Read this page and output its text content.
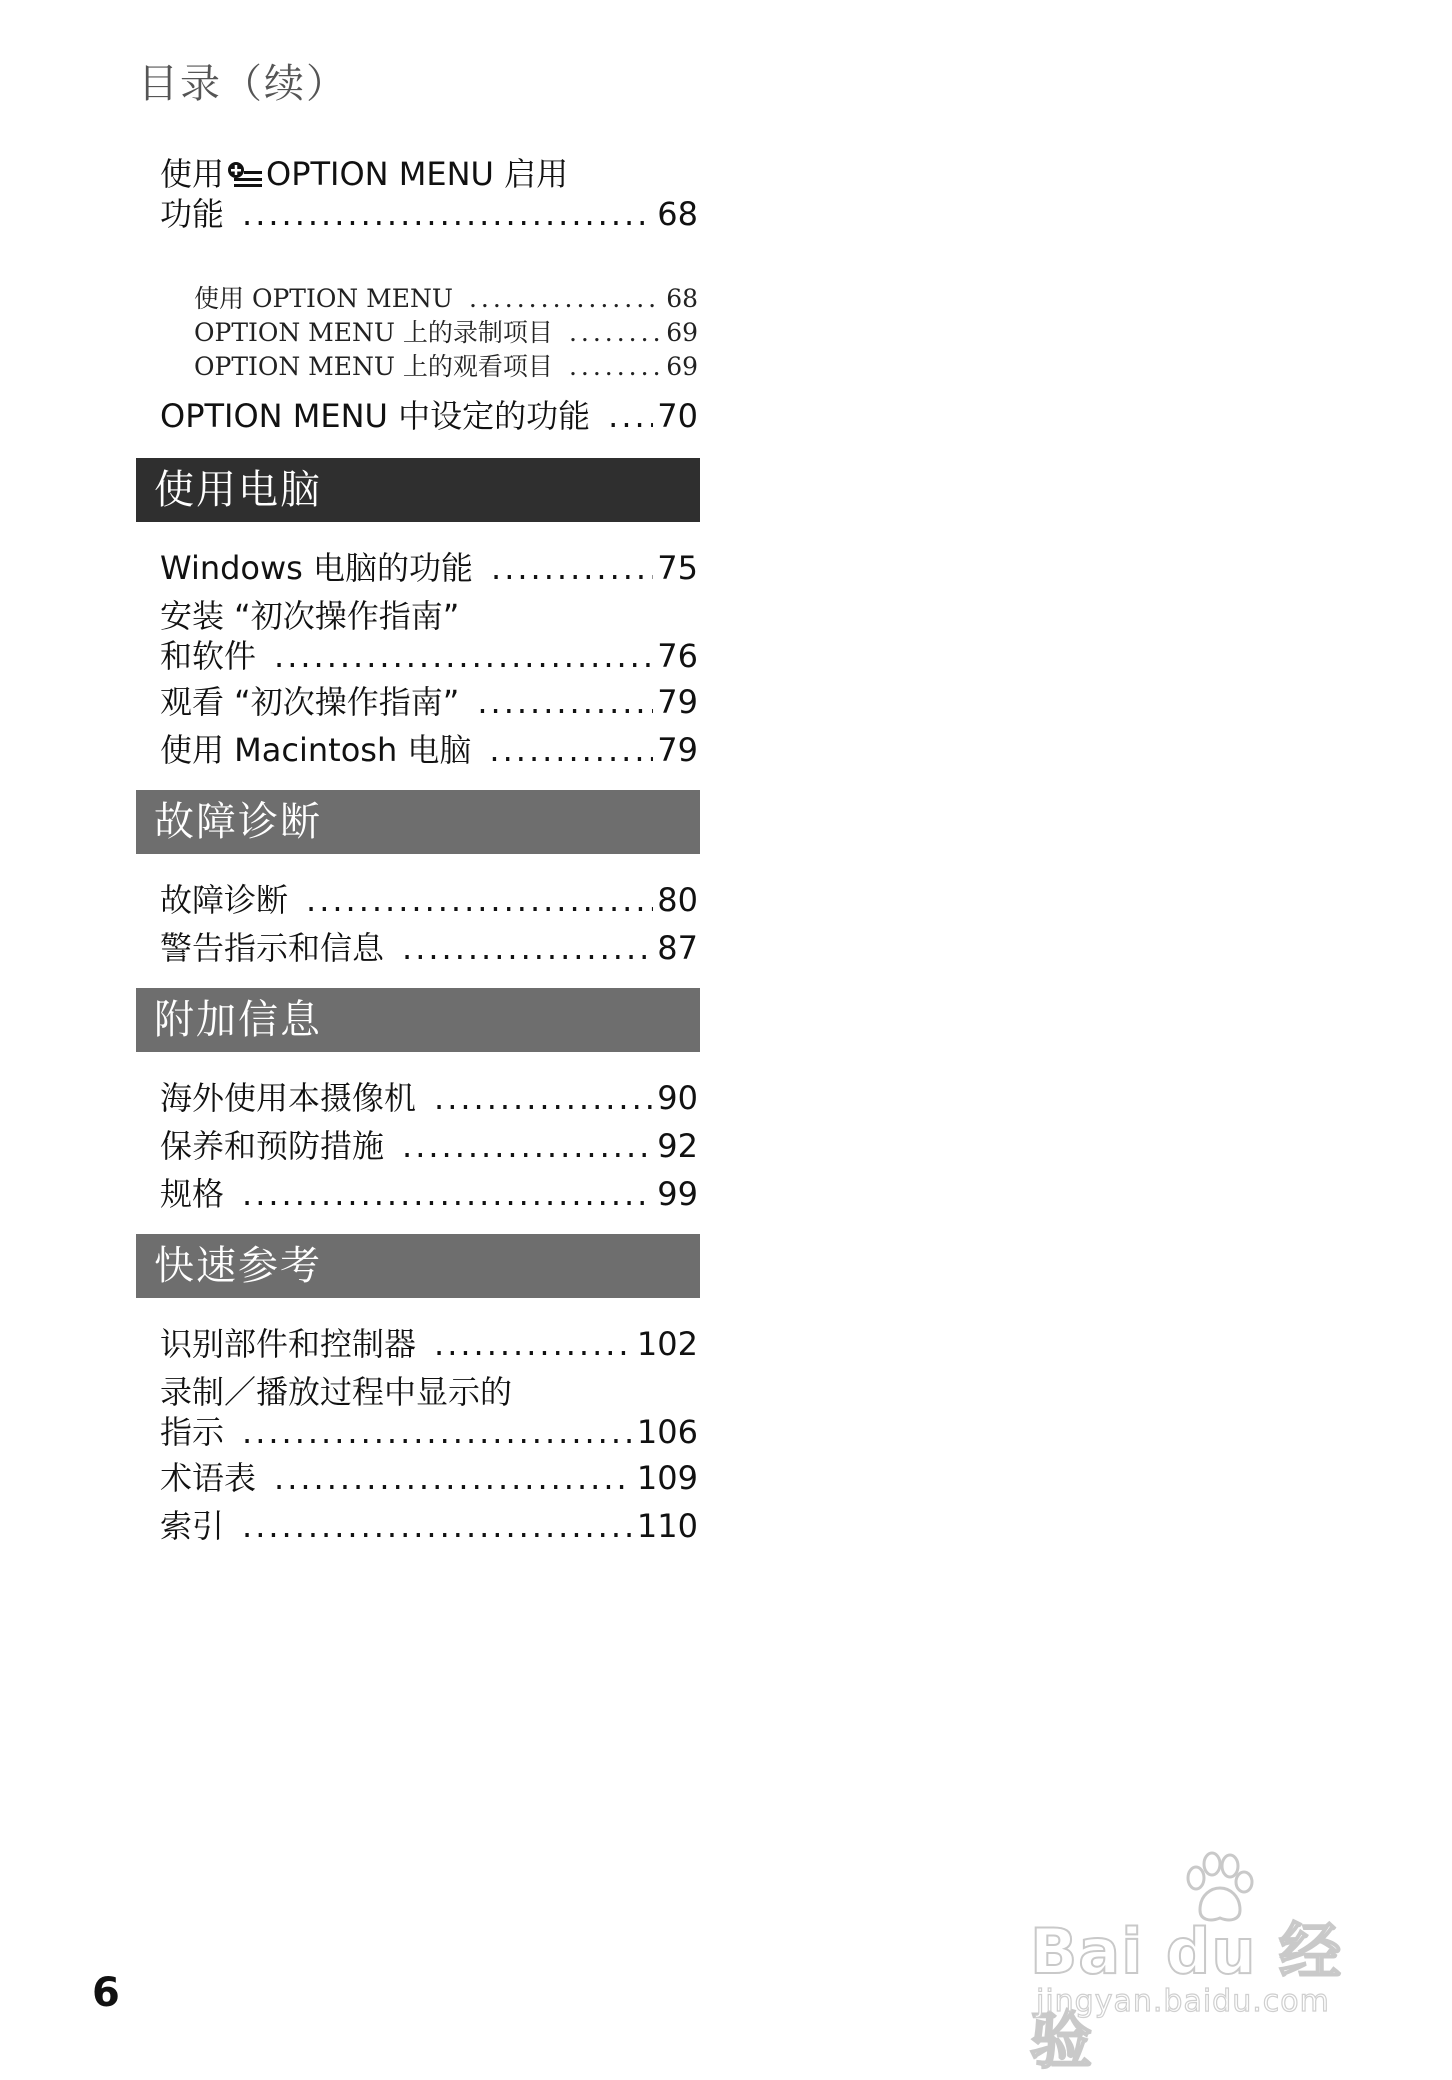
目录（续）
使用 OPTION MENU 启用
功能 .....	68
使用 OPTION MENU .....	68
OPTION MENU 上的录制项目 .....	69
OPTION MENU 上的观看项目 .....	69
OPTION MENU 中设定的功能 ..... 70
使用电脑
Windows 电脑的功能 .....	75
安装 “初次操作指南”
和软件 .....	76
观看 “初次操作指南” .....	79
使用 Macintosh 电脑 .....	79
故障诊断
故障诊断 .....	80
警告指示和信息 .....	87
附加信息
海外使用本摄像机 .....	90
保养和预防措施 .....	92
规格 .....	99
快速参考
识别部件和控制器 .....	102
录制／播放过程中显示的
指示 .....	106
术语表 .....	109
索引 .....	110
6
Bai du 经验
jingyan.baidu.com
